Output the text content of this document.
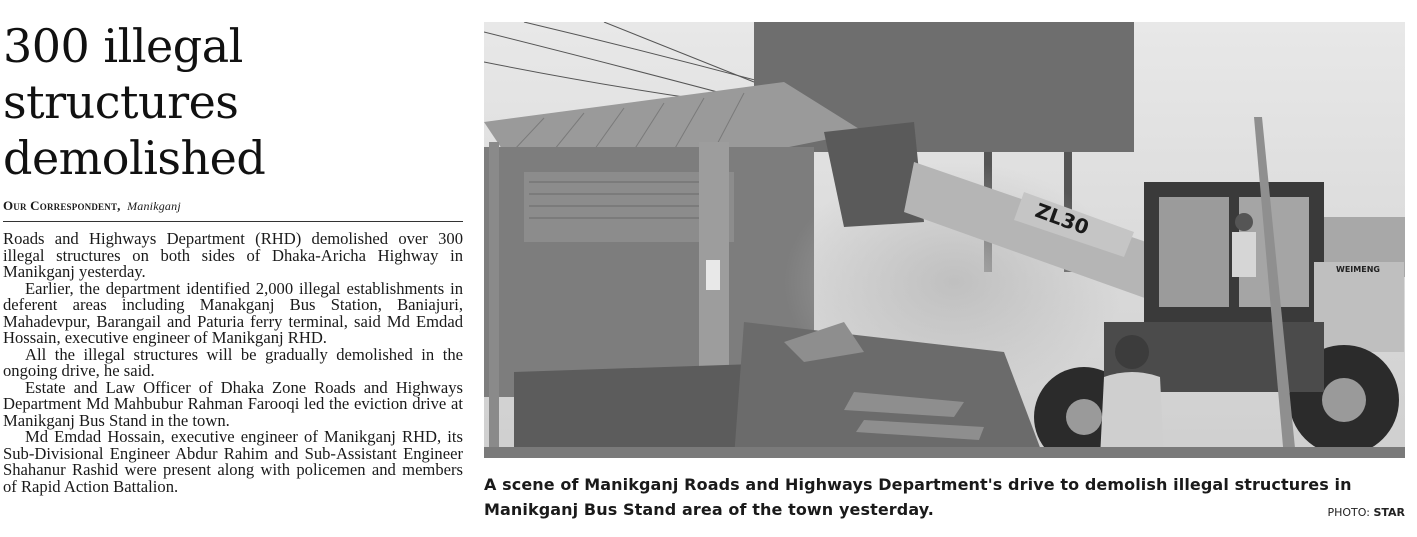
300 illegal structures demolished
Our Correspondent, Manikganj

Roads and Highways Department (RHD) demolished over 300 illegal structures on both sides of Dhaka-Aricha Highway in Manikganj yesterday.

Earlier, the department identified 2,000 illegal establishments in deferent areas including Manakganj Bus Station, Baniajuri, Mahadevpur, Barangail and Paturia ferry terminal, said Md Emdad Hossain, executive engineer of Manikganj RHD.

All the illegal structures will be gradually demolished in the ongoing drive, he said.

Estate and Law Officer of Dhaka Zone Roads and Highways Department Md Mahbubur Rahman Farooqi led the eviction drive at Manikganj Bus Stand in the town.

Md Emdad Hossain, executive engineer of Manikganj RHD, its Sub-Divisional Engineer Abdur Rahim and Sub-Assistant Engineer Shahanur Rashid were present along with policemen and members of Rapid Action Battalion.

ZL30
WEIMENG
A scene of Manikganj Roads and Highways Department's drive to demolish illegal structures in Manikganj Bus Stand area of the town yesterday.	PHOTO: STAR
